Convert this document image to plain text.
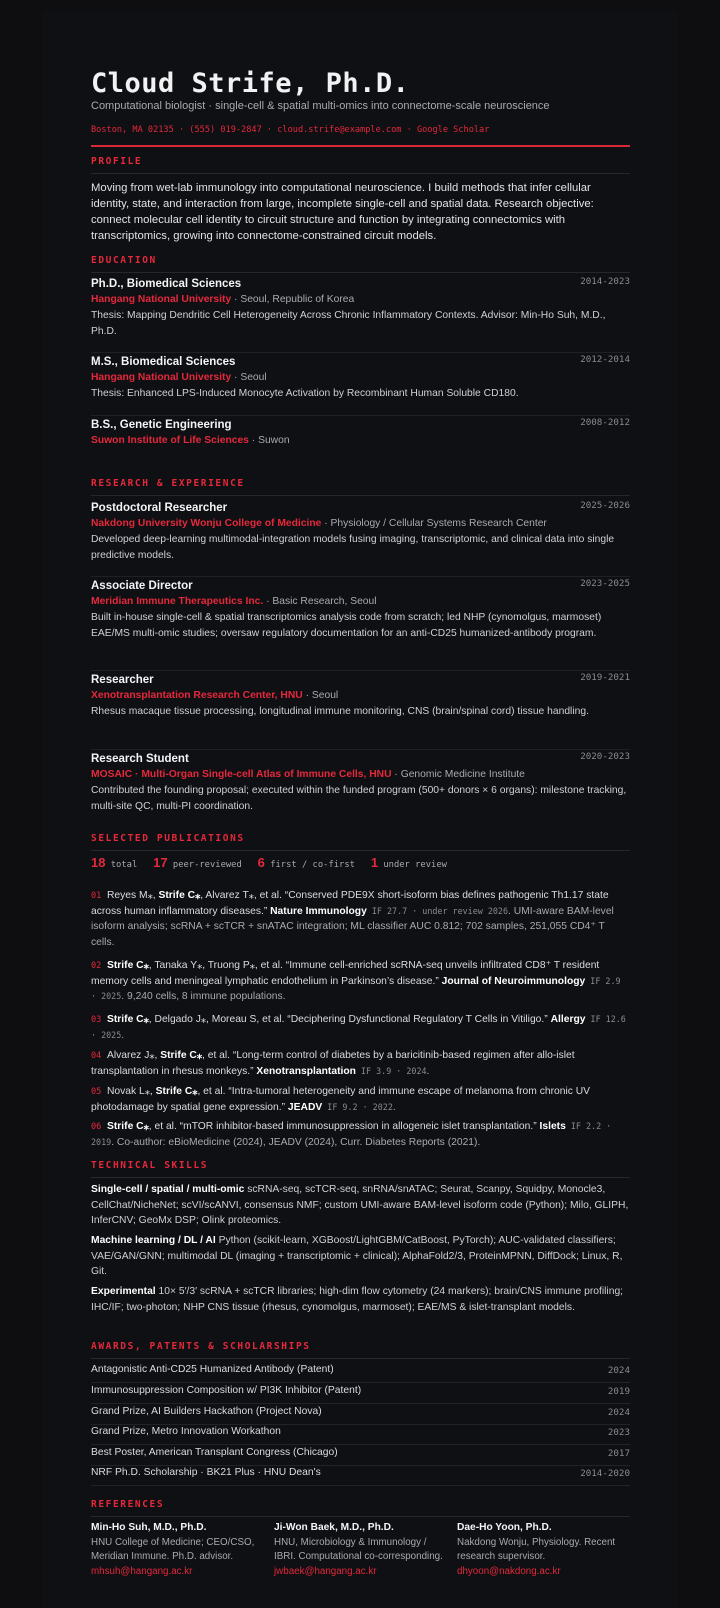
Cloud Strife, Ph.D.
Computational biologist · single-cell & spatial multi-omics into connectome-scale neuroscience
Boston, MA 02135 · (555) 019-2847 · cloud.strife@example.com · Google Scholar
PROFILE
Moving from wet-lab immunology into computational neuroscience. I build methods that infer cellular identity, state, and interaction from large, incomplete single-cell and spatial data. Research objective: connect molecular cell identity to circuit structure and function by integrating connectomics with transcriptomics, growing into connectome-constrained circuit models.
EDUCATION
Ph.D., Biomedical Sciences	2014-2023
Hangang National University · Seoul, Republic of Korea
Thesis: Mapping Dendritic Cell Heterogeneity Across Chronic Inflammatory Contexts. Advisor: Min-Ho Suh, M.D., Ph.D.
M.S., Biomedical Sciences	2012-2014
Hangang National University · Seoul
Thesis: Enhanced LPS-Induced Monocyte Activation by Recombinant Human Soluble CD180.
B.S., Genetic Engineering	2008-2012
Suwon Institute of Life Sciences · Suwon
RESEARCH & EXPERIENCE
Postdoctoral Researcher	2025-2026
Nakdong University Wonju College of Medicine · Physiology / Cellular Systems Research Center
Developed deep-learning multimodal-integration models fusing imaging, transcriptomic, and clinical data into single predictive models.
Associate Director	2023-2025
Meridian Immune Therapeutics Inc. · Basic Research, Seoul
Built in-house single-cell & spatial transcriptomics analysis code from scratch; led NHP (cynomolgus, marmoset) EAE/MS multi-omic studies; oversaw regulatory documentation for an anti-CD25 humanized-antibody program.
Researcher	2019-2021
Xenotransplantation Research Center, HNU · Seoul
Rhesus macaque tissue processing, longitudinal immune monitoring, CNS (brain/spinal cord) tissue handling.
Research Student	2020-2023
MOSAIC · Multi-Organ Single-cell Atlas of Immune Cells, HNU · Genomic Medicine Institute
Contributed the founding proposal; executed within the funded program (500+ donors × 6 organs): milestone tracking, multi-site QC, multi-PI coordination.
SELECTED PUBLICATIONS
18 total 17 peer-reviewed 6 first / co-first 1 under review
01 Reyes M⁎, Strife C⁎, Alvarez T⁎, et al. “Conserved PDE9X short-isoform bias defines pathogenic Th1.17 state across human inflammatory diseases.” Nature Immunology IF 27.7 · under review 2026. UMI-aware BAM-level isoform analysis; scRNA + scTCR + snATAC integration; ML classifier AUC 0.812; 702 samples, 251,055 CD4⁺ T cells.
02 Strife C⁎, Tanaka Y⁎, Truong P⁎, et al. “Immune cell-enriched scRNA-seq unveils infiltrated CD8⁺ T resident memory cells and meningeal lymphatic endothelium in Parkinson’s disease.” Journal of Neuroimmunology IF 2.9 · 2025. 9,240 cells, 8 immune populations.
03 Strife C⁎, Delgado J⁎, Moreau S, et al. “Deciphering Dysfunctional Regulatory T Cells in Vitiligo.” Allergy IF 12.6 · 2025.
04 Alvarez J⁎, Strife C⁎, et al. “Long-term control of diabetes by a baricitinib-based regimen after allo-islet transplantation in rhesus monkeys.” Xenotransplantation IF 3.9 · 2024.
05 Novak L⁎, Strife C⁎, et al. “Intra-tumoral heterogeneity and immune escape of melanoma from chronic UV photodamage by spatial gene expression.” JEADV IF 9.2 · 2022.
06 Strife C⁎, et al. “mTOR inhibitor-based immunosuppression in allogeneic islet transplantation.” Islets IF 2.2 · 2019. Co-author: eBioMedicine (2024), JEADV (2024), Curr. Diabetes Reports (2021).
TECHNICAL SKILLS
Single-cell / spatial / multi-omic scRNA-seq, scTCR-seq, snRNA/snATAC; Seurat, Scanpy, Squidpy, Monocle3, CellChat/NicheNet; scVI/scANVI, consensus NMF; custom UMI-aware BAM-level isoform code (Python); Milo, GLIPH, InferCNV; GeoMx DSP; Olink proteomics.
Machine learning / DL / AI Python (scikit-learn, XGBoost/LightGBM/CatBoost, PyTorch); AUC-validated classifiers; VAE/GAN/GNN; multimodal DL (imaging + transcriptomic + clinical); AlphaFold2/3, ProteinMPNN, DiffDock; Linux, R, Git.
Experimental 10× 5′/3′ scRNA + scTCR libraries; high-dim flow cytometry (24 markers); brain/CNS immune profiling; IHC/IF; two-photon; NHP CNS tissue (rhesus, cynomolgus, marmoset); EAE/MS & islet-transplant models.
AWARDS, PATENTS & SCHOLARSHIPS
Antagonistic Anti-CD25 Humanized Antibody (Patent)	2024
Immunosuppression Composition w/ PI3K Inhibitor (Patent)	2019
Grand Prize, AI Builders Hackathon (Project Nova)	2024
Grand Prize, Metro Innovation Workathon	2023
Best Poster, American Transplant Congress (Chicago)	2017
NRF Ph.D. Scholarship · BK21 Plus · HNU Dean's	2014-2020
REFERENCES
Min-Ho Suh, M.D., Ph.D.
HNU College of Medicine; CEO/CSO, Meridian Immune. Ph.D. advisor.
mhsuh@hangang.ac.kr
Ji-Won Baek, M.D., Ph.D.
HNU, Microbiology & Immunology / IBRI. Computational co-corresponding.
jwbaek@hangang.ac.kr
Dae-Ho Yoon, Ph.D.
Nakdong Wonju, Physiology. Recent research supervisor.
dhyoon@nakdong.ac.kr
